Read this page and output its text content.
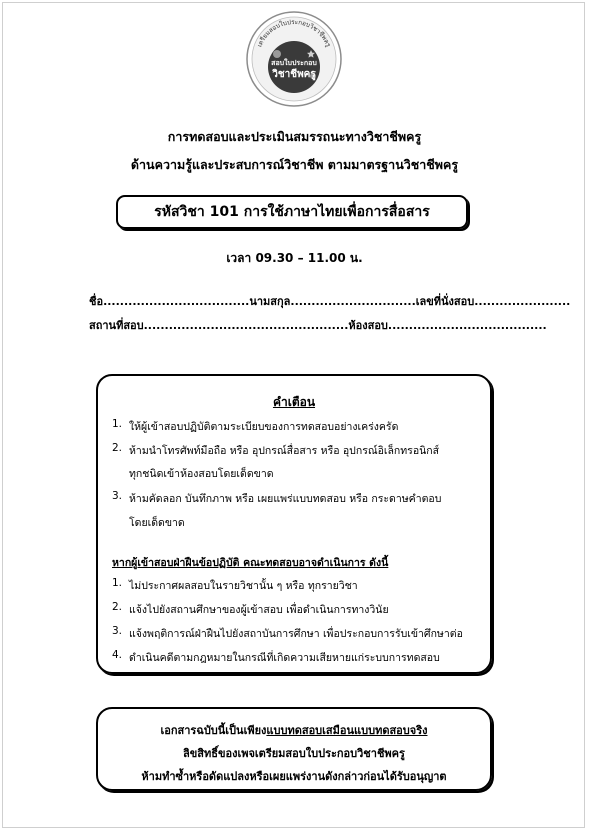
เตรียมสอบใบประกอบวิชาชีพครู
สอบใบประกอบ
วิชาชีพครู
การทดสอบและประเมินสมรรถนะทางวิชาชีพครู
ด้านความรู้และประสบการณ์วิชาชีพ ตามมาตรฐานวิชาชีพครู
รหัสวิชา 101 การใช้ภาษาไทยเพื่อการสื่อสาร
เวลา 09.30 – 11.00 น.
ชื่อ...................................นามสกุล..............................เลขที่นั่งสอบ.......................
สถานที่สอบ.................................................ห้องสอบ......................................
คำเตือน
1. ให้ผู้เข้าสอบปฏิบัติตามระเบียบของการทดสอบอย่างเคร่งครัด
2. ห้ามนำโทรศัพท์มือถือ หรือ อุปกรณ์สื่อสาร หรือ อุปกรณ์อิเล็กทรอนิกส์
ทุกชนิดเข้าห้องสอบโดยเด็ดขาด
3. ห้ามคัดลอก บันทึกภาพ หรือ เผยแพร่แบบทดสอบ หรือ กระดาษคำตอบ
โดยเด็ดขาด
หากผู้เข้าสอบฝ่าฝืนข้อปฏิบัติ คณะทดสอบอาจดำเนินการ ดังนี้
1. ไม่ประกาศผลสอบในรายวิชานั้น ๆ หรือ ทุกรายวิชา
2. แจ้งไปยังสถานศึกษาของผู้เข้าสอบ เพื่อดำเนินการทางวินัย
3. แจ้งพฤติการณ์ฝ่าฝืนไปยังสถาบันการศึกษา เพื่อประกอบการรับเข้าศึกษาต่อ
4. ดำเนินคดีตามกฎหมายในกรณีที่เกิดความเสียหายแก่ระบบการทดสอบ
เอกสารฉบับนี้เป็นเพียงแบบทดสอบเสมือนแบบทดสอบจริง
ลิขสิทธิ์ของเพจเตรียมสอบใบประกอบวิชาชีพครู
ห้ามทำซ้ำหรือดัดแปลงหรือเผยแพร่งานดังกล่าวก่อนได้รับอนุญาต
